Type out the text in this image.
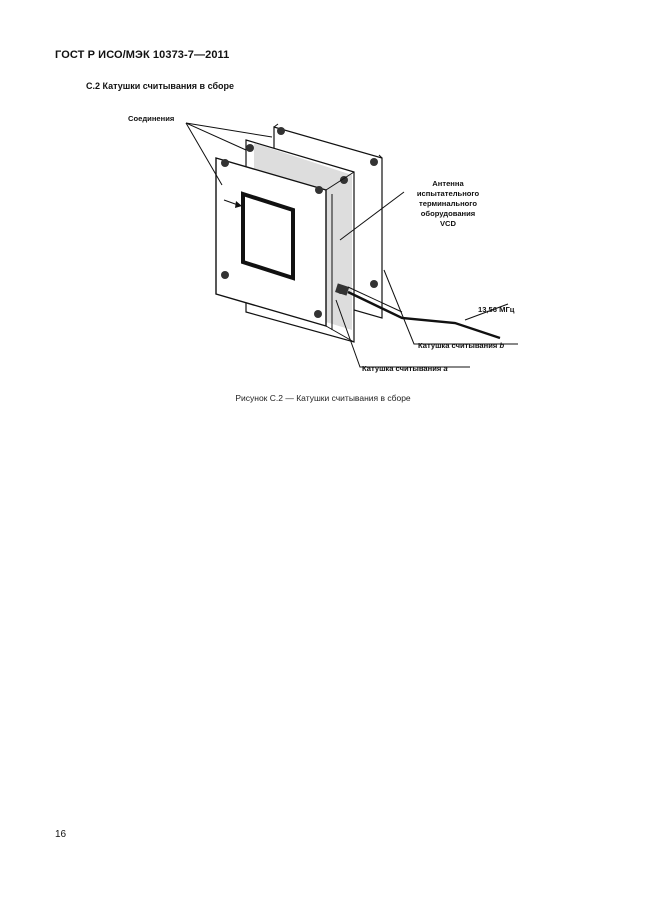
ГОСТ Р ИСО/МЭК 10373-7—2011
С.2 Катушки считывания в сборе
Соединения
Антенна
испытательного
терминального
оборудования
VCD
13,56 МГц
Катушка считывания b
Катушка считывания a
Рисунок С.2 — Катушки считывания в сборе
16
